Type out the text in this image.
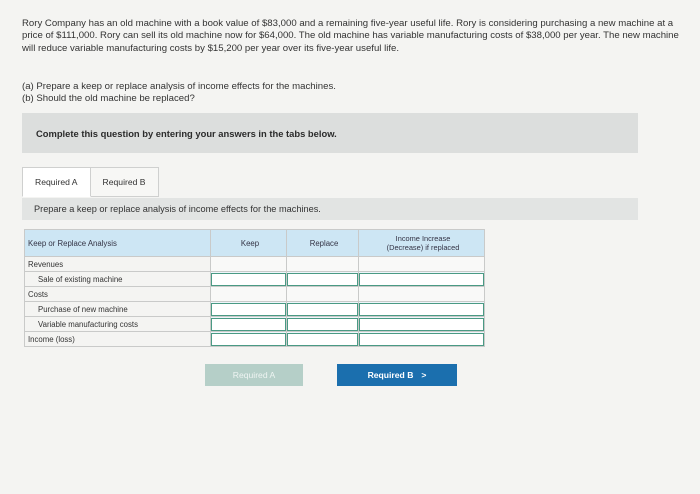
Rory Company has an old machine with a book value of $83,000 and a remaining five-year useful life. Rory is considering purchasing a new machine at a price of $111,000. Rory can sell its old machine now for $64,000. The old machine has variable manufacturing costs of $38,000 per year. The new machine will reduce variable manufacturing costs by $15,200 per year over its five-year useful life.
(a) Prepare a keep or replace analysis of income effects for the machines.
(b) Should the old machine be replaced?
Complete this question by entering your answers in the tabs below.
Required A	Required B
Prepare a keep or replace analysis of income effects for the machines.
Keep or Replace Analysis	Keep	Replace	Income Increase
(Decrease) if replaced

Revenues			
Sale of existing machine	

Costs			
Purchase of new machine	

Variable manufacturing costs	

Income (loss)	

Required A	Required B >
